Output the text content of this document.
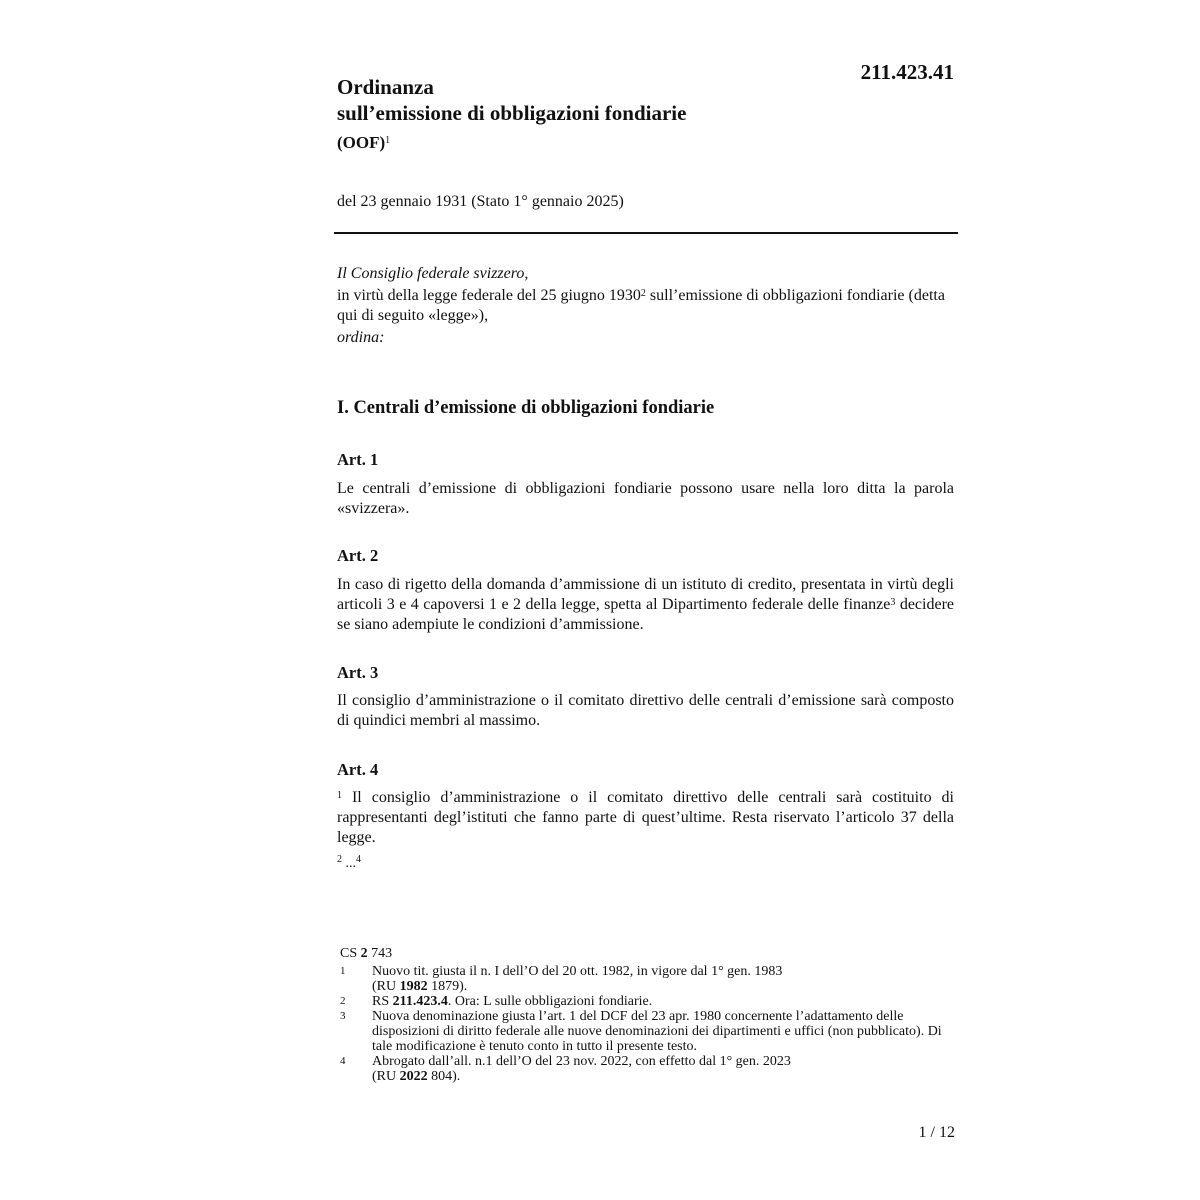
211.423.41
Ordinanza
sull’emissione di obbligazioni fondiarie
(OOF)$^1$
del 23 gennaio 1931 (Stato 1° gennaio 2025)

Il Consiglio federale svizzero,

in virtù della legge federale del 25 giugno 1930$^2$ sull’emissione di obbligazioni fondiarie (detta qui di seguito «legge»),

ordina:

I. Centrali d’emissione di obbligazioni fondiarie
Art. 1
Le centrali d’emissione di obbligazioni fondiarie possono usare nella loro ditta la parola «svizzera».
Art. 2
In caso di rigetto della domanda d’ammissione di un istituto di credito, presentata in virtù degli articoli 3 e 4 capoversi 1 e 2 della legge, spetta al Dipartimento federale delle finanze$^3$ decidere se siano adempiute le condizioni d’ammissione.
Art. 3
Il consiglio d’amministrazione o il comitato direttivo delle centrali d’emissione sarà composto di quindici membri al massimo.
Art. 4
$^1$ Il consiglio d’amministrazione o il comitato direttivo delle centrali sarà costituito di rappresentanti degl’istituti che fanno parte di quest’ultime. Resta riservato l’articolo 37 della legge.
$^2$ ...$^4$
CS 2 743
1	Nuovo tit. giusta il n. I dell’O del 20 ott. 1982, in vigore dal 1° gen. 1983
(RU 1982 1879).
2	RS 211.423.4. Ora: L sulle obbligazioni fondiarie.
3	Nuova denominazione giusta l’art. 1 del DCF del 23 apr. 1980 concernente l’adattamento delle disposizioni di diritto federale alle nuove denominazioni dei dipartimenti e uffici (non pubblicato). Di tale modificazione è tenuto conto in tutto il presente testo.
4	Abrogato dall’all. n.1 dell’O del 23 nov. 2022, con effetto dal 1° gen. 2023
(RU 2022 804).
1 / 12
